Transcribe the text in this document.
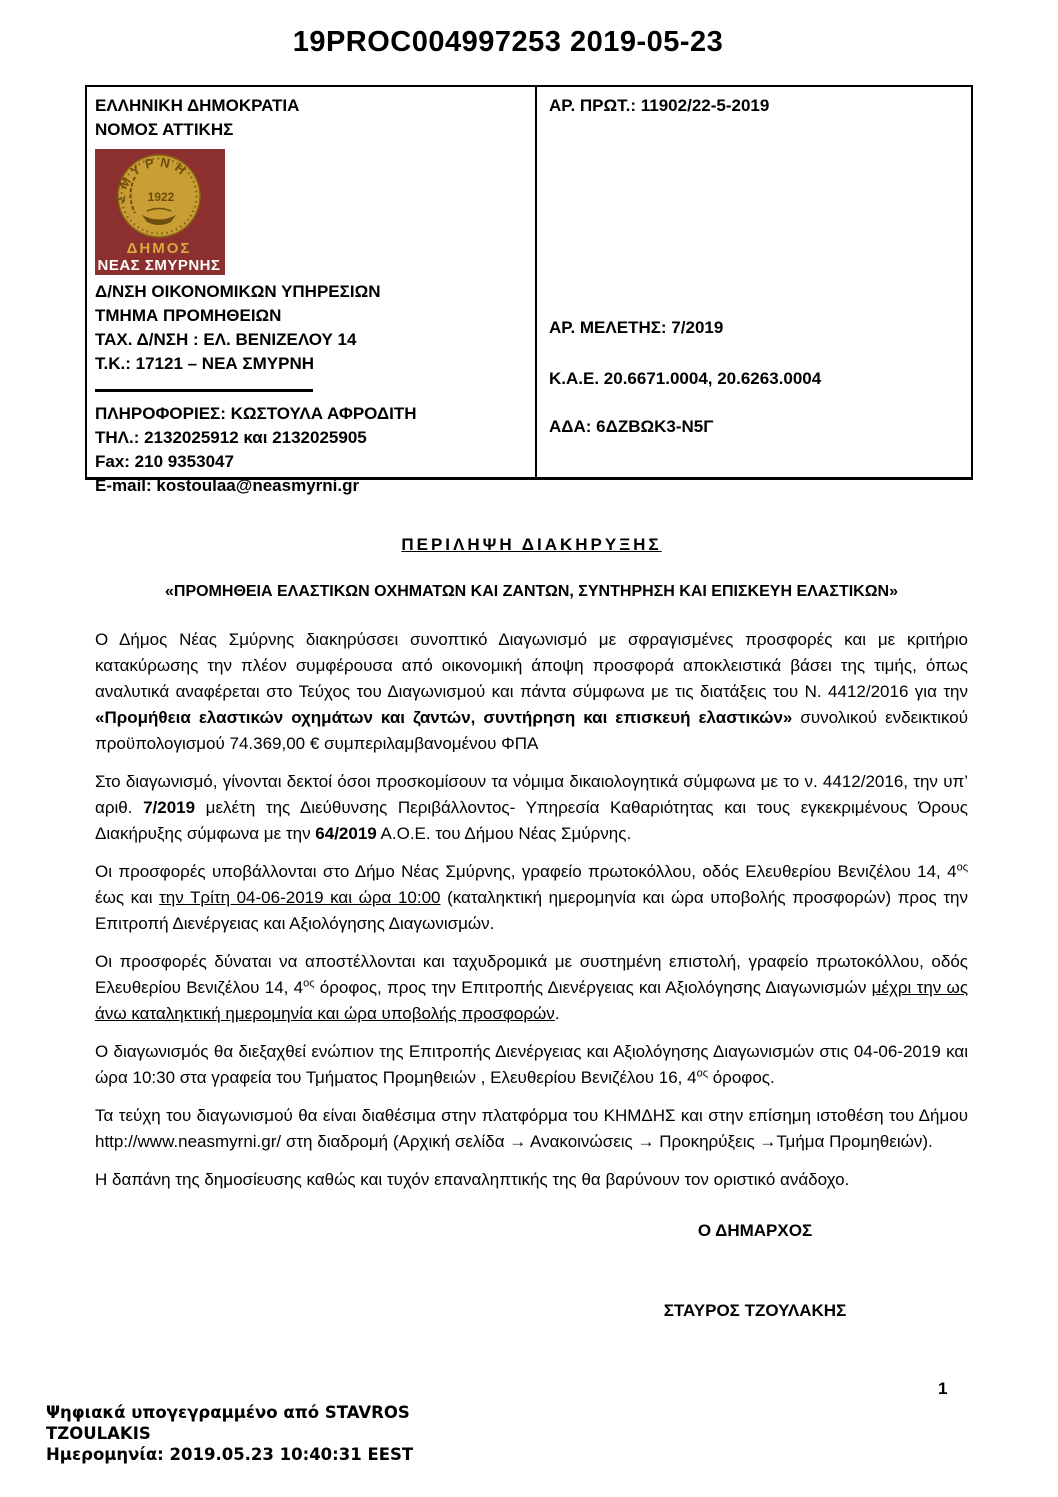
19PROC004997253 2019-05-23
ΕΛΛΗΝΙΚΗ ΔΗΜΟΚΡΑΤΙΑ
ΝΟΜΟΣ ΑΤΤΙΚΗΣ
ΣΜΥΡΝΗ
1922
ΔΗΜΟΣ
ΝΕΑΣ ΣΜΥΡΝΗΣ
Δ/ΝΣΗ ΟΙΚΟΝΟΜΙΚΩΝ ΥΠΗΡΕΣΙΩΝ
ΤΜΗΜΑ ΠΡΟΜΗΘΕΙΩΝ
ΤΑΧ. Δ/ΝΣΗ : ΕΛ. ΒΕΝΙΖΕΛΟΥ 14
Τ.Κ.: 17121 – ΝΕΑ ΣΜΥΡΝΗ
ΠΛΗΡΟΦΟΡΙΕΣ: ΚΩΣΤΟΥΛΑ ΑΦΡΟΔΙΤΗ
ΤΗΛ.: 2132025912 και 2132025905
Fax: 210 9353047
E-mail: kostoulaa@neasmyrni.gr
ΑΡ. ΠΡΩΤ.: 11902/22-5-2019
ΑΡ. ΜΕΛΕΤΗΣ: 7/2019
Κ.Α.Ε. 20.6671.0004, 20.6263.0004
ΑΔΑ: 6ΔΖΒΩΚ3-Ν5Γ

ΠΕΡΙΛΗΨΗ ΔΙΑΚΗΡΥΞΗΣ

«ΠΡΟΜΗΘΕΙΑ ΕΛΑΣΤΙΚΩΝ ΟΧΗΜΑΤΩΝ ΚΑΙ ΖΑΝΤΩΝ, ΣΥΝΤΗΡΗΣΗ ΚΑΙ ΕΠΙΣΚΕΥΗ ΕΛΑΣΤΙΚΩΝ»

Ο Δήμος Νέας Σμύρνης διακηρύσσει συνοπτικό Διαγωνισμό με σφραγισμένες προσφορές και με κριτήριο κατακύρωσης την πλέον συμφέρουσα από οικονομική άποψη προσφορά αποκλειστικά βάσει της τιμής, όπως αναλυτικά αναφέρεται στο Τεύχος του Διαγωνισμού και πάντα σύμφωνα με τις διατάξεις του Ν. 4412/2016 για την «Προμήθεια ελαστικών οχημάτων και ζαντών, συντήρηση και επισκευή ελαστικών» συνολικού ενδεικτικού προϋπολογισμού 74.369,00 € συμπεριλαμβανομένου ΦΠΑ

Στο διαγωνισμό, γίνονται δεκτοί όσοι προσκομίσουν τα νόμιμα δικαιολογητικά σύμφωνα με το ν. 4412/2016, την υπ’ αριθ. 7/2019 μελέτη της Διεύθυνσης Περιβάλλοντος- Υπηρεσία Καθαριότητας και τους εγκεκριμένους Όρους Διακήρυξης σύμφωνα με την 64/2019 Α.Ο.Ε. του Δήμου Νέας Σμύρνης.

Οι προσφορές υποβάλλονται στο Δήμο Νέας Σμύρνης, γραφείο πρωτοκόλλου, οδός Ελευθερίου Βενιζέλου 14, $4^{o\varsigma}$ έως και την Τρίτη 04-06-2019 και ώρα 10:00 (καταληκτική ημερομηνία και ώρα υποβολής προσφορών) προς την Επιτροπή Διενέργειας και Αξιολόγησης Διαγωνισμών.

Οι προσφορές δύναται να αποστέλλονται και ταχυδρομικά με συστημένη επιστολή, γραφείο πρωτοκόλλου, οδός Ελευθερίου Βενιζέλου 14, $4^{o\varsigma}$ όροφος, προς την Επιτροπής Διενέργειας και Αξιολόγησης Διαγωνισμών μέχρι την ως άνω καταληκτική ημερομηνία και ώρα υποβολής προσφορών.

Ο διαγωνισμός θα διεξαχθεί ενώπιον της Επιτροπής Διενέργειας και Αξιολόγησης Διαγωνισμών στις 04-06-2019 και ώρα 10:30 στα γραφεία του Τμήματος Προμηθειών , Ελευθερίου Βενιζέλου 16, $4^{o\varsigma}$ όροφος.

Τα τεύχη του διαγωνισμού θα είναι διαθέσιμα στην πλατφόρμα του ΚΗΜΔΗΣ και στην επίσημη ιστοθέση του Δήμου http://www.neasmyrni.gr/ στη διαδρομή (Αρχική σελίδα → Ανακοινώσεις → Προκηρύξεις →Τμήμα Προμηθειών).

Η δαπάνη της δημοσίευσης καθώς και τυχόν επαναληπτικής της θα βαρύνουν τον οριστικό ανάδοχο.

Ο ΔΗΜΑΡΧΟΣ
ΣΤΑΥΡΟΣ ΤΖΟΥΛΑΚΗΣ
1
Ψηφιακά υπογεγραμμένο από STAVROS
TZOULAKIS
Ημερομηνία: 2019.05.23 10:40:31 EEST
